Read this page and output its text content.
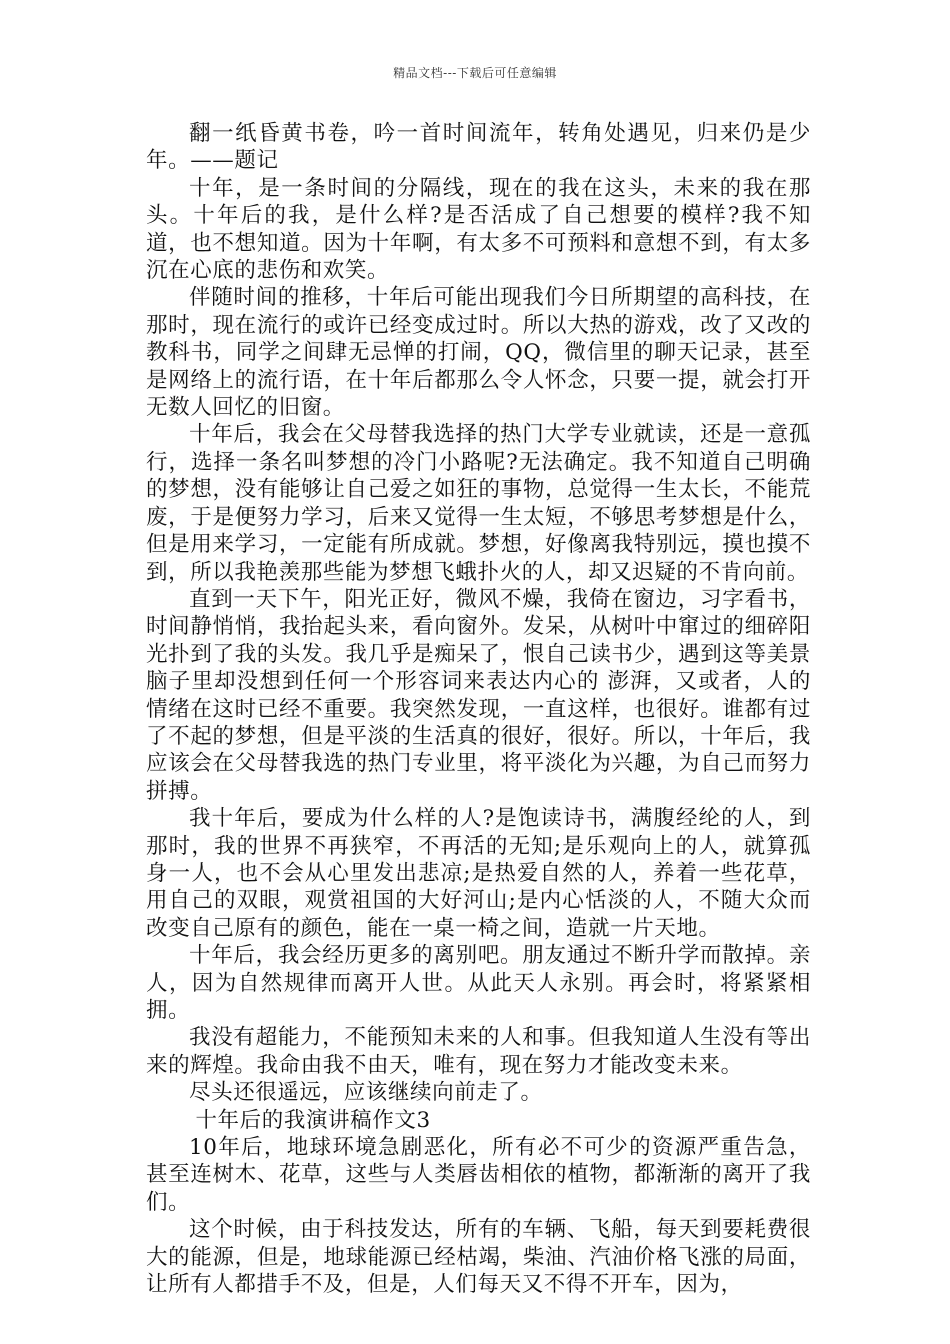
精品文档---下载后可任意编辑

翻一纸昏黄书卷，吟一首时间流年，转角处遇见，归来仍是少年。——题记

十年，是一条时间的分隔线，现在的我在这头，未来的我在那头。十年后的我，是什么样?是否活成了自己想要的模样?我不知道，也不想知道。因为十年啊，有太多不可预料和意想不到，有太多沉在心底的悲伤和欢笑。

伴随时间的推移，十年后可能出现我们今日所期望的高科技，在那时，现在流行的或许已经变成过时。所以大热的游戏，改了又改的教科书，同学之间肆无忌惮的打闹，QQ，微信里的聊天记录，甚至是网络上的流行语，在十年后都那么令人怀念，只要一提，就会打开无数人回忆的旧窗。

十年后，我会在父母替我选择的热门大学专业就读，还是一意孤行，选择一条名叫梦想的冷门小路呢?无法确定。我不知道自己明确的梦想，没有能够让自己爱之如狂的事物，总觉得一生太长，不能荒废，于是便努力学习，后来又觉得一生太短，不够思考梦想是什么，但是用来学习，一定能有所成就。梦想，好像离我特别远，摸也摸不到，所以我艳羡那些能为梦想飞蛾扑火的人，却又迟疑的不肯向前。

直到一天下午，阳光正好，微风不燥，我倚在窗边，习字看书，时间静悄悄，我抬起头来，看向窗外。发呆，从树叶中窜过的细碎阳光扑到了我的头发。我几乎是痴呆了，恨自己读书少，遇到这等美景脑子里却没想到任何一个形容词来表达内心的 澎湃，又或者，人的情绪在这时已经不重要。我突然发现，一直这样，也很好。谁都有过了不起的梦想，但是平淡的生活真的很好，很好。所以，十年后，我应该会在父母替我选的热门专业里，将平淡化为兴趣，为自己而努力拼搏。

我十年后，要成为什么样的人?是饱读诗书，满腹经纶的人，到那时，我的世界不再狭窄，不再活的无知;是乐观向上的人，就算孤身一人，也不会从心里发出悲凉;是热爱自然的人，养着一些花草，用自己的双眼，观赏祖国的大好河山;是内心恬淡的人，不随大众而改变自己原有的颜色，能在一桌一椅之间，造就一片天地。

十年后，我会经历更多的离别吧。朋友通过不断升学而散掉。亲人，因为自然规律而离开人世。从此天人永别。再会时，将紧紧相拥。

我没有超能力，不能预知未来的人和事。但我知道人生没有等出来的辉煌。我命由我不由天，唯有，现在努力才能改变未来。

尽头还很遥远，应该继续向前走了。

十年后的我演讲稿作文3

10年后，地球环境急剧恶化，所有必不可少的资源严重告急，甚至连树木、花草，这些与人类唇齿相依的植物，都渐渐的离开了我们。

这个时候，由于科技发达，所有的车辆、飞船，每天到要耗费很大的能源，但是，地球能源已经枯竭，柴油、汽油价格飞涨的局面，让所有人都措手不及，但是，人们每天又不得不开车，因为，
